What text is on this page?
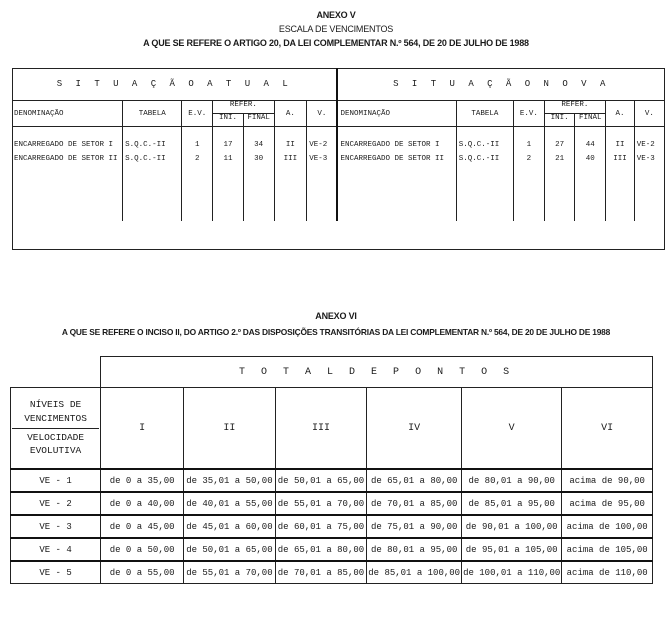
ANEXO V
ESCALA DE VENCIMENTOS
A QUE SE REFERE O ARTIGO 20, DA LEI COMPLEMENTAR N.º 564, DE 20 DE JULHO DE 1988
S I T U A Ç Ã O A T U A L							S I T U A Ç Ã O N O V A						
DENOMINAÇÃO	TABELA	E.V.	REFER.		A.	V.	DENOMINAÇÃO	TABELA	E.V.	REFER.		A.	V.
			INI.	FINAL						INI.	FINAL		

ENCARREGADO DE SETOR I	S.Q.C.-II	1	17	34	II	VE-2	ENCARREGADO DE SETOR I	S.Q.C.-II	1	27	44	II	VE-2
ENCARREGADO DE SETOR II	S.Q.C.-II	2	11	30	III	VE-3	ENCARREGADO DE SETOR II	S.Q.C.-II	2	21	40	III	VE-3

ANEXO VI
A QUE SE REFERE O INCISO II, DO ARTIGO 2.º DAS DISPOSIÇÕES TRANSITÓRIAS DA LEI COMPLEMENTAR N.º 564, DE 20 DE JULHO DE 1988
	T O T A L D E P O N T O S					

NÍVEIS DE
VENCIMENTOS
VELOCIDADE
EVOLUTIVA	I	II	III	IV	V	VI
VE - 1	de 0 a 35,00	de 35,01 a 50,00	de 50,01 a 65,00	de 65,01 a 80,00	de 80,01 a 90,00	acima de 90,00
VE - 2	de 0 a 40,00	de 40,01 a 55,00	de 55,01 a 70,00	de 70,01 a 85,00	de 85,01 a 95,00	acima de 95,00
VE - 3	de 0 a 45,00	de 45,01 a 60,00	de 60,01 a 75,00	de 75,01 a 90,00	de 90,01 a 100,00	acima de 100,00
VE - 4	de 0 a 50,00	de 50,01 a 65,00	de 65,01 a 80,00	de 80,01 a 95,00	de 95,01 a 105,00	acima de 105,00
VE - 5	de 0 a 55,00	de 55,01 a 70,00	de 70,01 a 85,00	de 85,01 a 100,00	de 100,01 a 110,00	acima de 110,00
